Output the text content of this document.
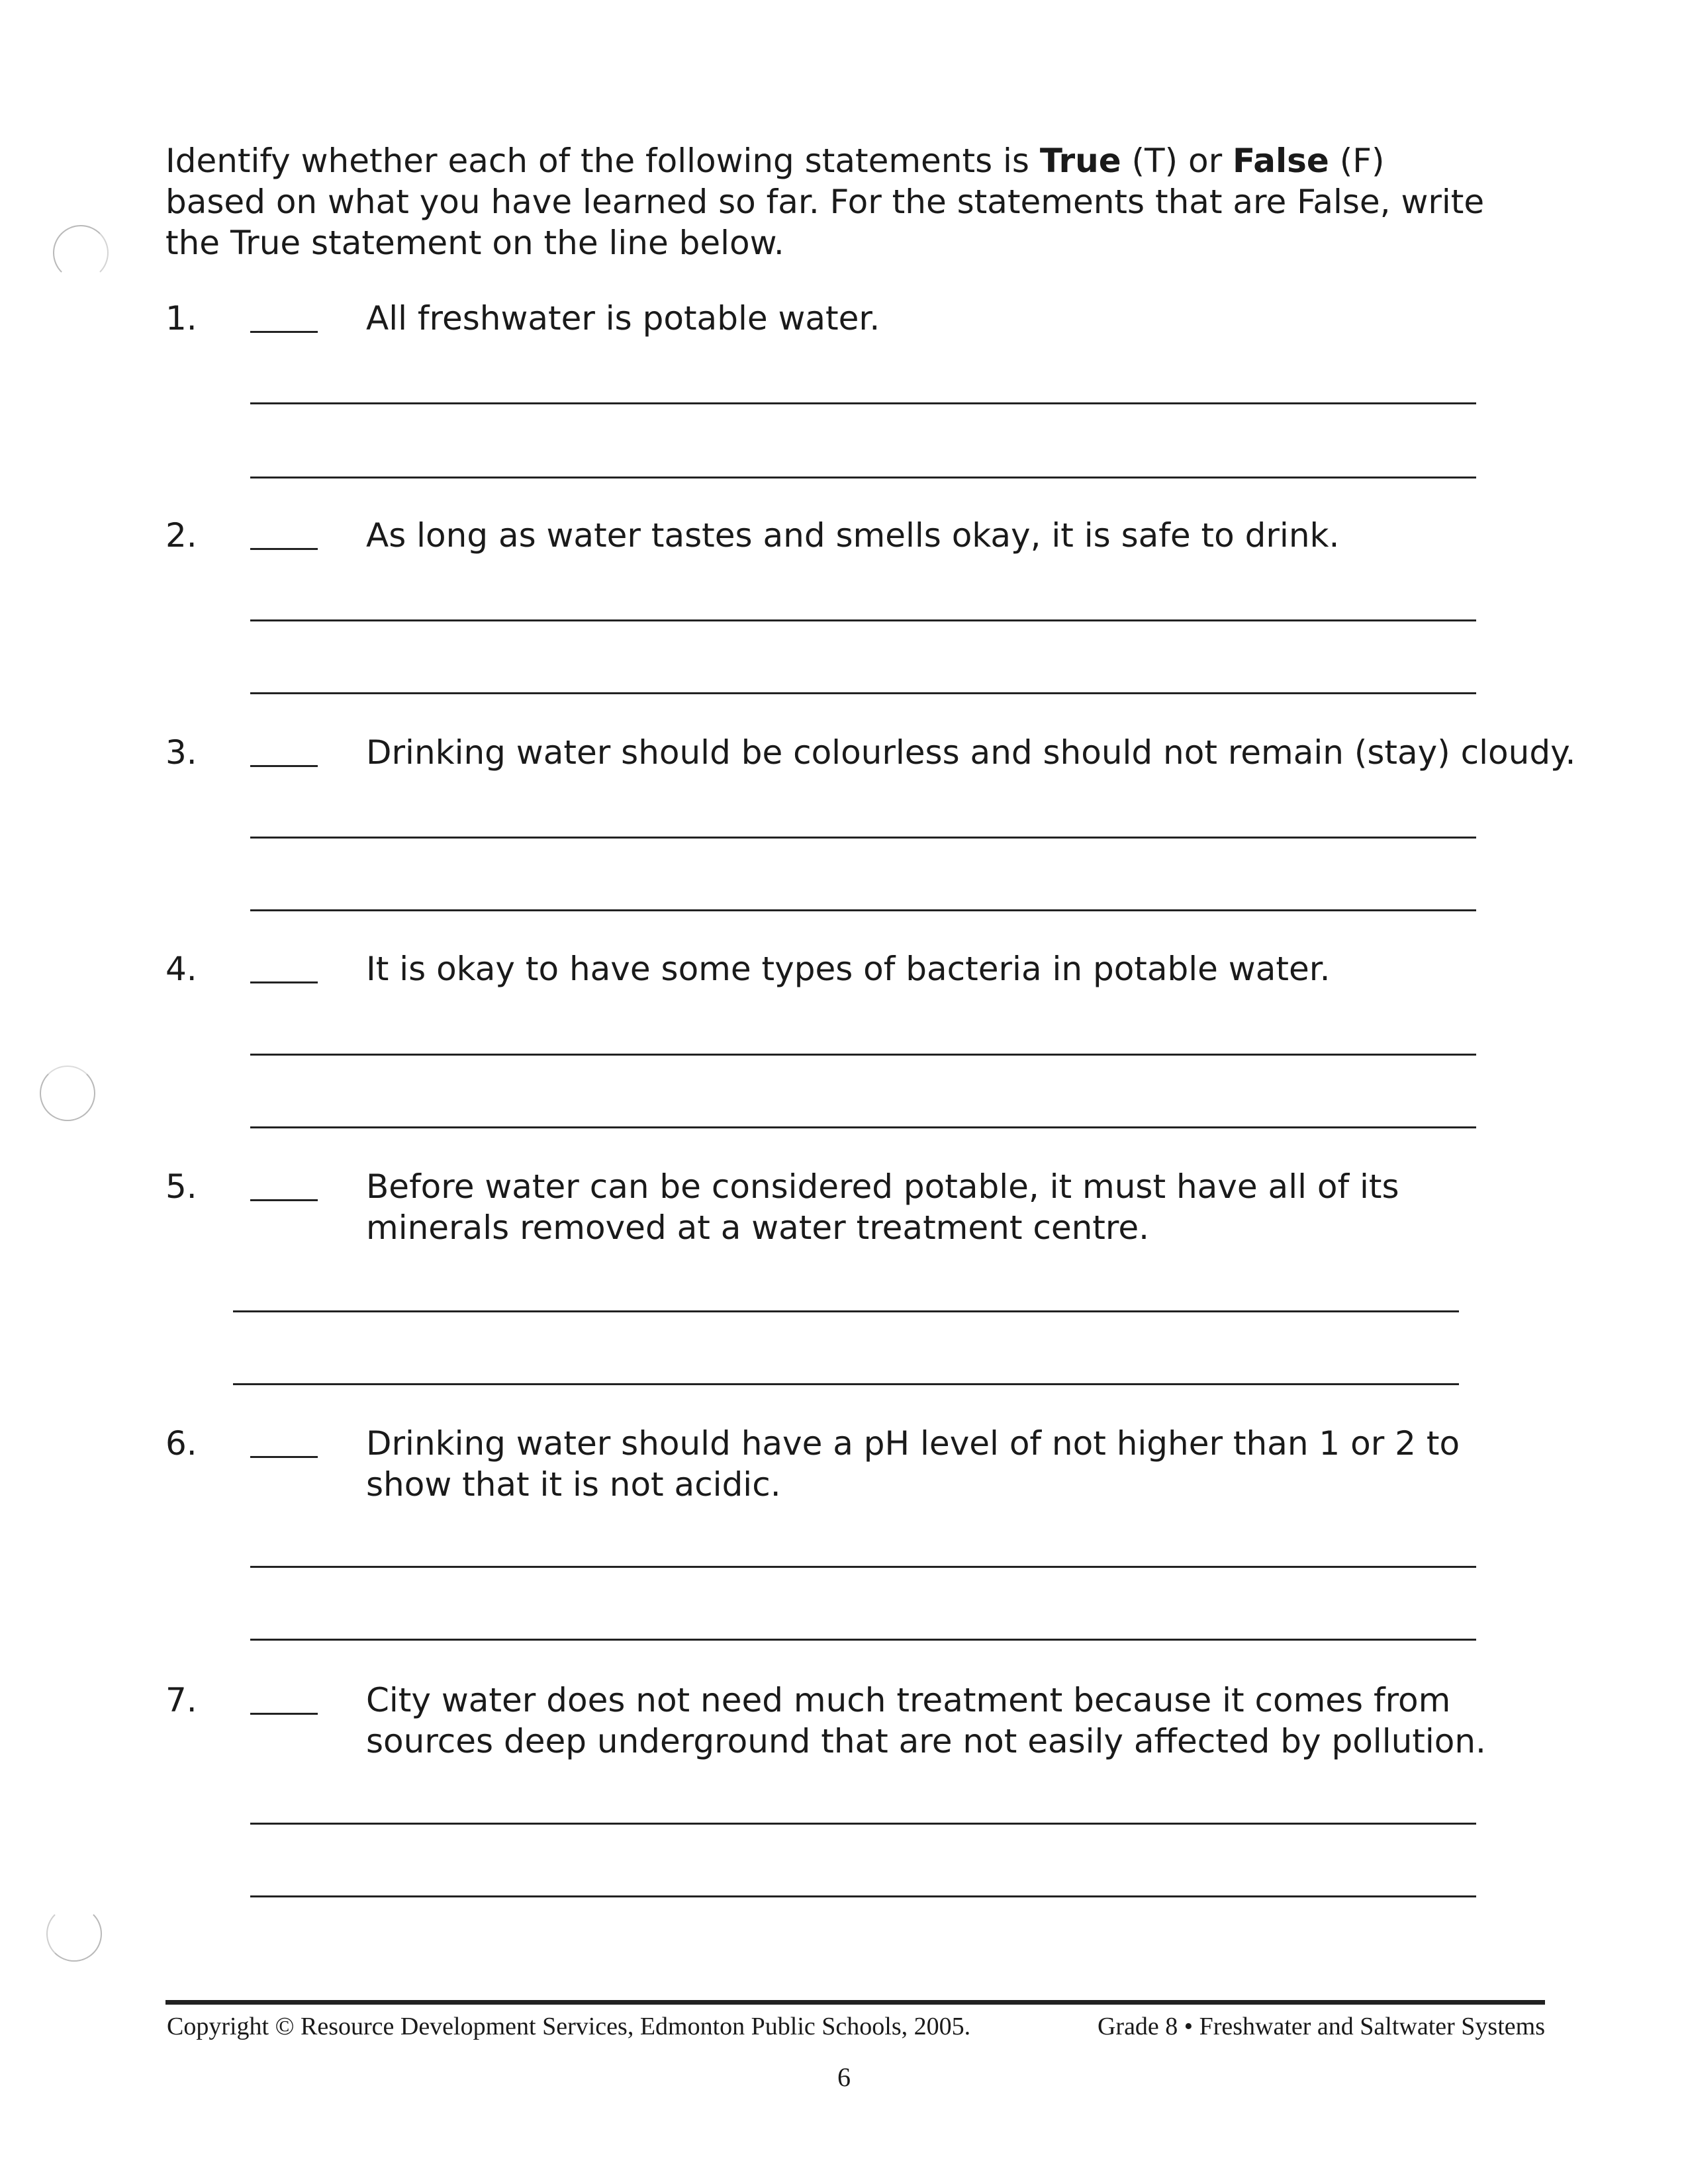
Identify whether each of the following statements is True (T) or False (F) based on what you have learned so far. For the statements that are False, write the True statement on the line below.

1.	All freshwater is potable water.

2.	As long as water tastes and smells okay, it is safe to drink.

3.	Drinking water should be colourless and should not remain (stay) cloudy.

4.	It is okay to have some types of bacteria in potable water.

5.	Before water can be considered potable, it must have all of its minerals removed at a water treatment centre.

6.	Drinking water should have a pH level of not higher than 1 or 2 to show that it is not acidic.

7.	City water does not need much treatment because it comes from sources deep underground that are not easily affected by pollution.

Copyright © Resource Development Services, Edmonton Public Schools, 2005.	Grade 8 • Freshwater and Saltwater Systems
6
